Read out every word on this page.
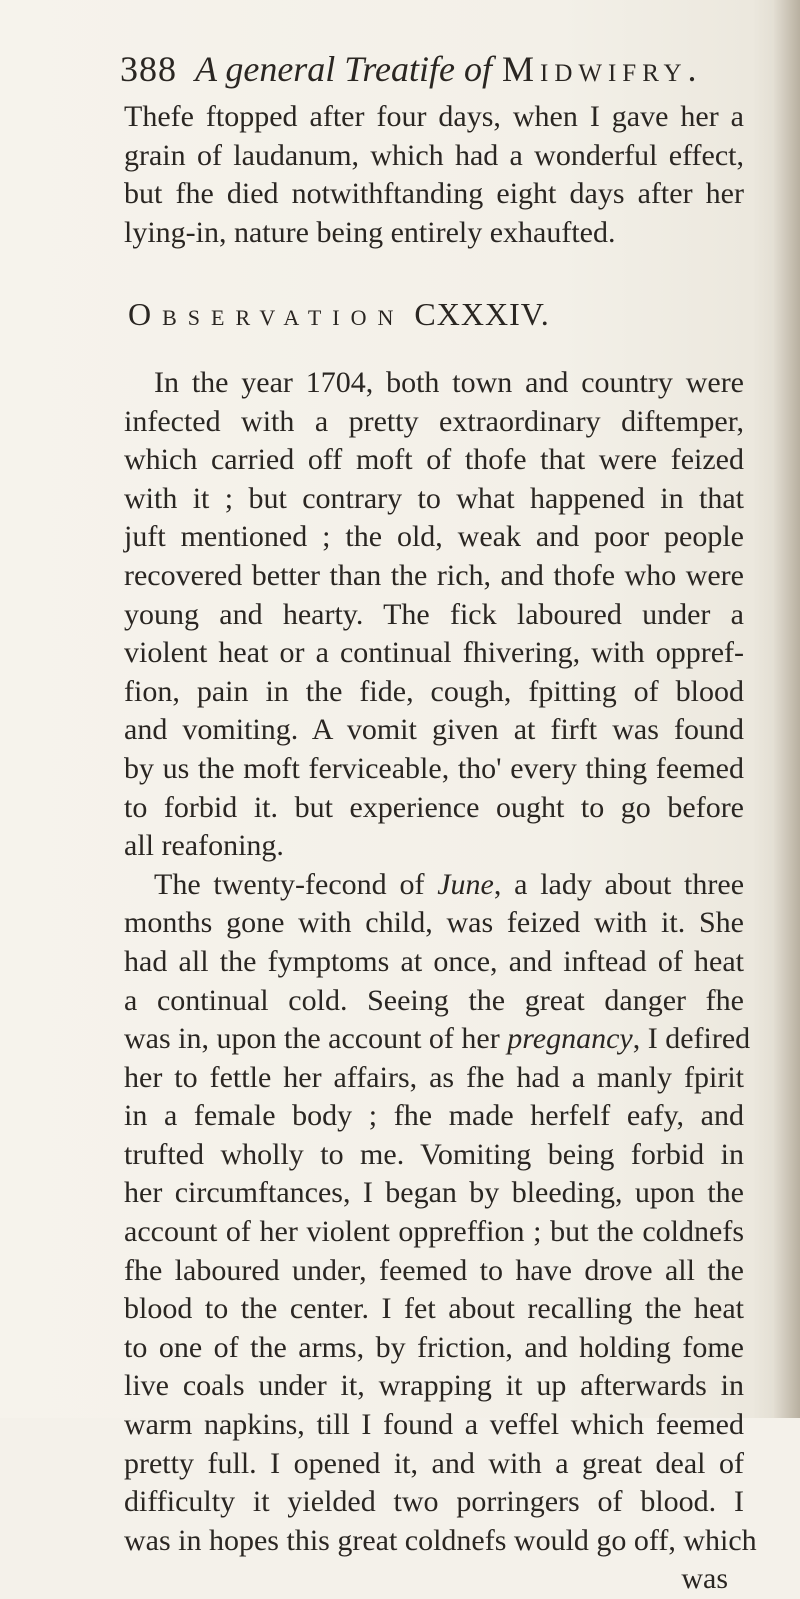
388 A general Treatife of Midwifry.
Thefe ftopped after four days, when I gave her a
grain of laudanum, which had a wonderful effect,
but fhe died notwithftanding eight days after her
lying-in, nature being entirely exhaufted.
Observation CXXXIV.
In the year 1704, both town and country were
infected with a pretty extraordinary diftemper,
which carried off moft of thofe that were feized
with it ; but contrary to what happened in that
juft mentioned ; the old, weak and poor people
recovered better than the rich, and thofe who were
young and hearty. The fick laboured under a
violent heat or a continual fhivering, with oppref-
fion, pain in the fide, cough, fpitting of blood
and vomiting. A vomit given at firft was found
by us the moft ferviceable, tho' every thing feemed
to forbid it. but experience ought to go before
all reafoning.
The twenty-fecond of June, a lady about three
months gone with child, was feized with it. She
had all the fymptoms at once, and inftead of heat
a continual cold. Seeing the great danger fhe
was in, upon the account of her pregnancy, I defired
her to fettle her affairs, as fhe had a manly fpirit
in a female body ; fhe made herfelf eafy, and
trufted wholly to me. Vomiting being forbid in
her circumftances, I began by bleeding, upon the
account of her violent oppreffion ; but the coldnefs
fhe laboured under, feemed to have drove all the
blood to the center. I fet about recalling the heat
to one of the arms, by friction, and holding fome
live coals under it, wrapping it up afterwards in
warm napkins, till I found a veffel which feemed
pretty full. I opened it, and with a great deal of
difficulty it yielded two porringers of blood. I
was in hopes this great coldnefs would go off, which
was
